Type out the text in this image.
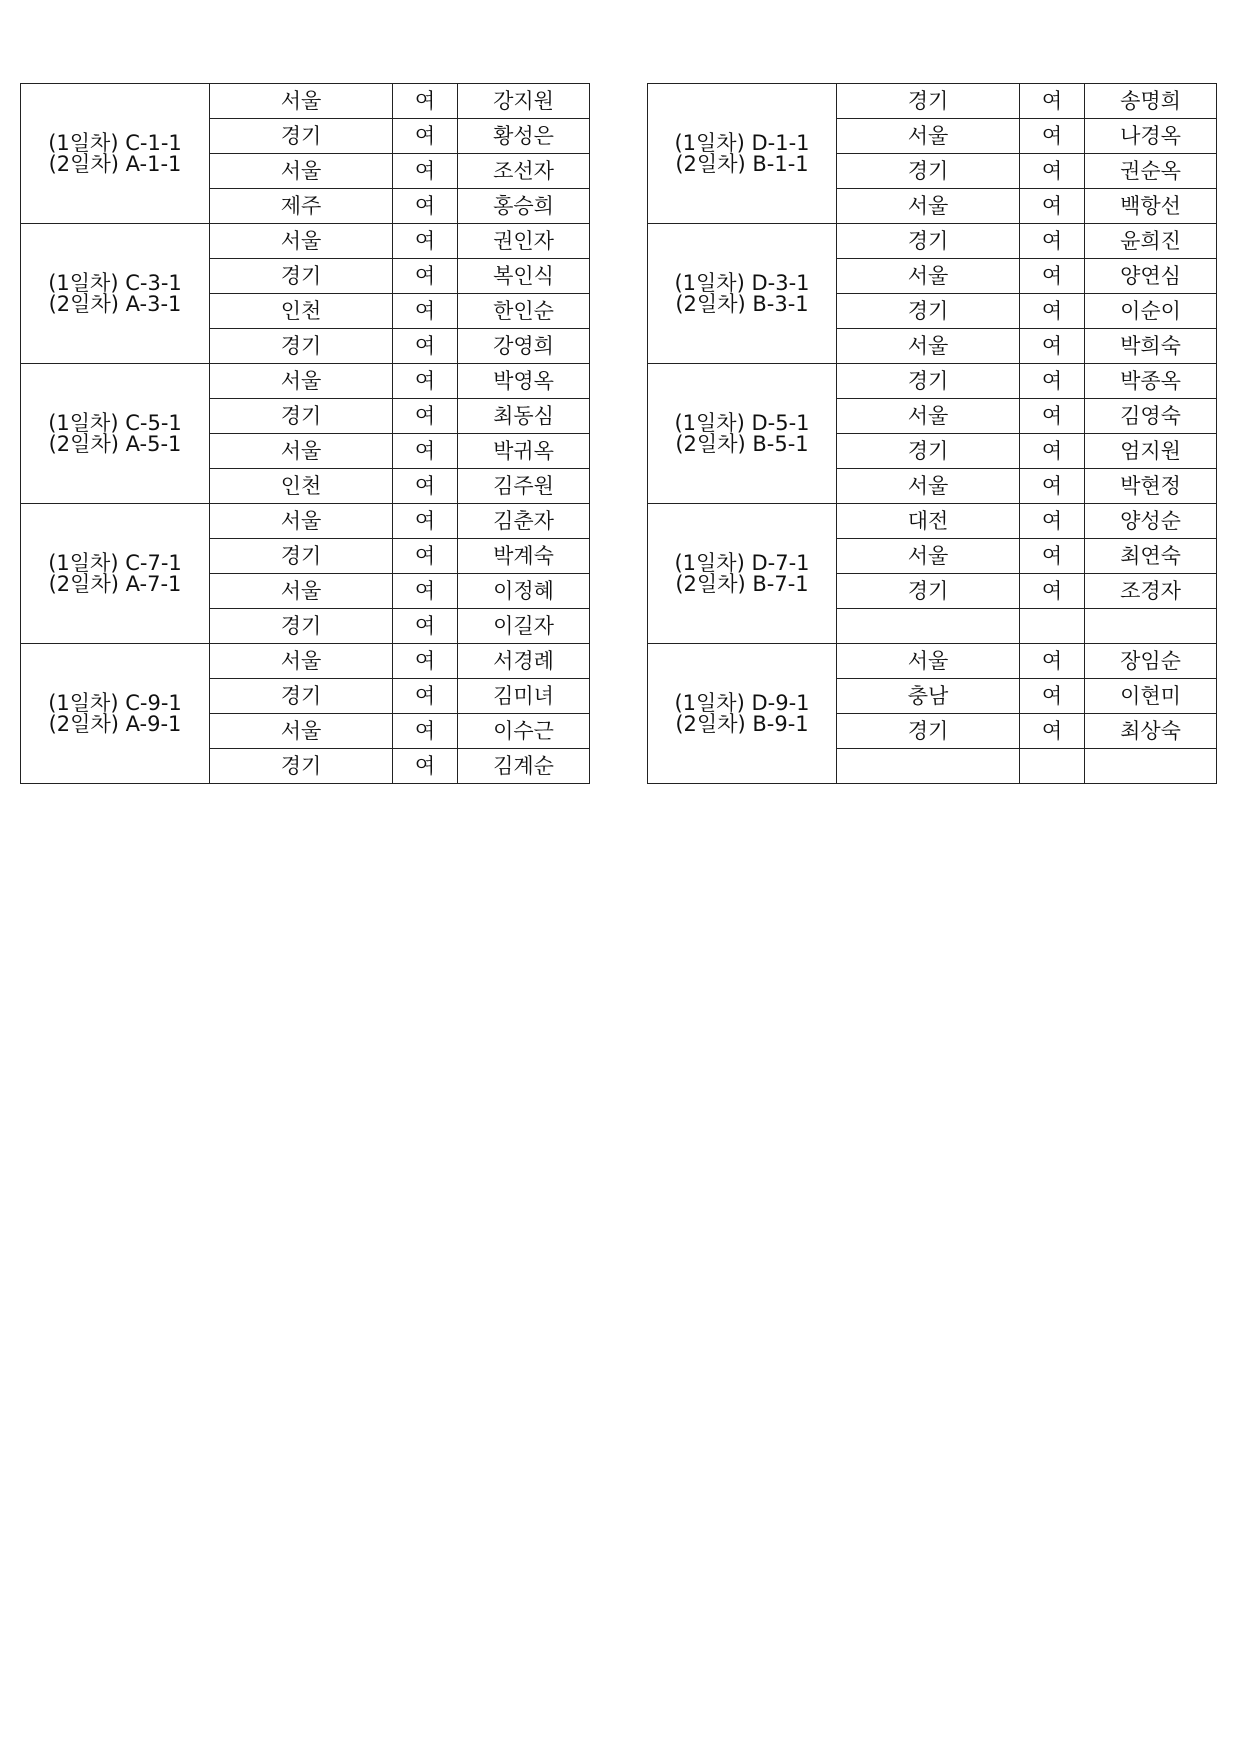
(1일차) C-1-1
(2일차) A-1-1	서울	여	강지원
	경기	여	황성은
	서울	여	조선자
	제주	여	홍승희

(1일차) C-3-1
(2일차) A-3-1	서울	여	권인자
	경기	여	복인식
	인천	여	한인순
	경기	여	강영희

(1일차) C-5-1
(2일차) A-5-1	서울	여	박영옥
	경기	여	최동심
	서울	여	박귀옥
	인천	여	김주원

(1일차) C-7-1
(2일차) A-7-1	서울	여	김춘자
	경기	여	박계숙
	서울	여	이정혜
	경기	여	이길자

(1일차) C-9-1
(2일차) A-9-1	서울	여	서경례
	경기	여	김미녀
	서울	여	이수근
	경기	여	김계순
(1일차) D-1-1
(2일차) B-1-1	경기	여	송명희
	서울	여	나경옥
	경기	여	권순옥
	서울	여	백항선

(1일차) D-3-1
(2일차) B-3-1	경기	여	윤희진
	서울	여	양연심
	경기	여	이순이
	서울	여	박희숙

(1일차) D-5-1
(2일차) B-5-1	경기	여	박종옥
	서울	여	김영숙
	경기	여	엄지원
	서울	여	박현정

(1일차) D-7-1
(2일차) B-7-1	대전	여	양성순
	서울	여	최연숙
	경기	여	조경자

(1일차) D-9-1
(2일차) B-9-1	서울	여	장임순
	충남	여	이현미
	경기	여	최상숙
